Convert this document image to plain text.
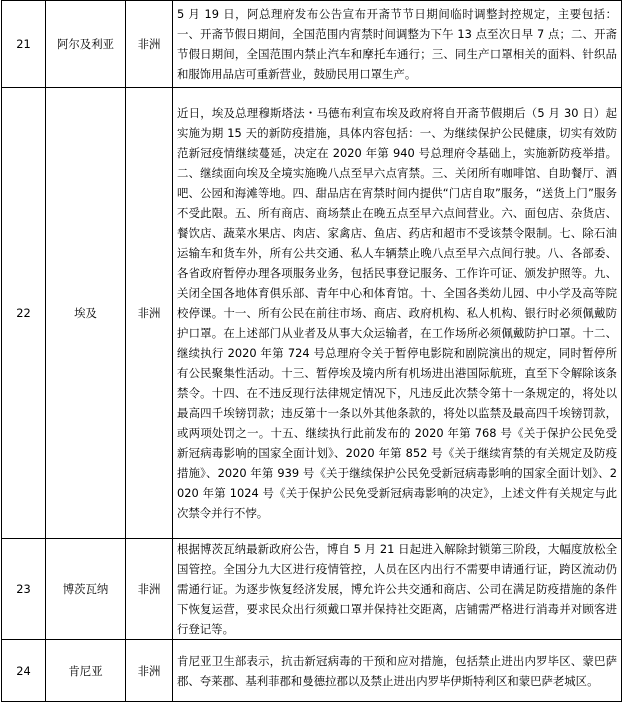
21	阿尔及利亚	非洲	5 月 19 日，阿总理府发布公告宣布开斋节节日期间临时调整封控规定，主要包括：一、开斋节假日期间，全国范围内宵禁时间调整为下午 13 点至次日早 7 点；二、开斋节假日期间，全国范围内禁止汽车和摩托车通行；三、同生产口罩相关的面料、针织品和服饰用品店可重新营业，鼓励民用口罩生产。
22	埃及	非洲	近日，埃及总理穆斯塔法・马德布利宣布埃及政府将自开斋节假期后（5 月 30 日）起实施为期 15 天的新防疫措施，具体内容包括：一、为继续保护公民健康，切实有效防范新冠疫情继续蔓延，决定在 2020 年第 940 号总理府令基础上，实施新防疫举措。二、继续面向埃及全境实施晚八点至早六点宵禁。三、关闭所有咖啡馆、自助餐厅、酒吧、公园和海滩等地。四、甜品店在宵禁时间内提供“门店自取”服务，“送货上门”服务不受此限。五、所有商店、商场禁止在晚五点至早六点间营业。六、面包店、杂货店、餐饮店、蔬菜水果店、肉店、家禽店、鱼店、药店和超市不受该禁令限制。七、除石油运输车和货车外，所有公共交通、私人车辆禁止晚八点至早六点间行驶。八、各部委、各省政府暂停办理各项服务业务，包括民事登记服务、工作许可证、颁发护照等。九、关闭全国各地体育俱乐部、青年中心和体育馆。十、全国各类幼儿园、中小学及高等院校停课。十一、所有公民在前往市场、商店、政府机构、私人机构、银行时必须佩戴防护口罩。在上述部门从业者及从事大众运输者，在工作场所必须佩戴防护口罩。十二、继续执行 2020 年第 724 号总理府令关于暂停电影院和剧院演出的规定，同时暂停所有公民聚集性活动。十三、暂停埃及境内所有机场进出港国际航班，直至下令解除该条禁令。十四、在不违反现行法律规定情况下，凡违反此次禁令第十一条规定的，将处以最高四千埃镑罚款；违反第十一条以外其他条款的，将处以监禁及最高四千埃镑罚款，或两项处罚之一。十五、继续执行此前发布的 2020 年第 768 号《关于保护公民免受新冠病毒影响的国家全面计划》、2020 年第 852 号《关于继续宵禁的有关规定及防疫措施》、2020 年第 939 号《关于继续保护公民免受新冠病毒影响的国家全面计划》、2020 年第 1024 号《关于保护公民免受新冠病毒影响的决定》，上述文件有关规定与此次禁令并行不悖。
23	博茨瓦纳	非洲	根据博茨瓦纳最新政府公告，博自 5 月 21 日起进入解除封锁第三阶段，大幅度放松全国管控。全国分九大区进行疫情管控，人员在区内出行不需要申请通行证，跨区流动仍需通行证。为逐步恢复经济发展，博允许公共交通和商店、公司在满足防疫措施的条件下恢复运营，要求民众出行须戴口罩并保持社交距离，店铺需严格进行消毒并对顾客进行登记等。
24	肯尼亚	非洲	肯尼亚卫生部表示，抗击新冠病毒的干预和应对措施，包括禁止进出内罗毕区、蒙巴萨郡、夸莱郡、基利菲郡和曼德拉郡以及禁止进出内罗毕伊斯特利区和蒙巴萨老城区。
